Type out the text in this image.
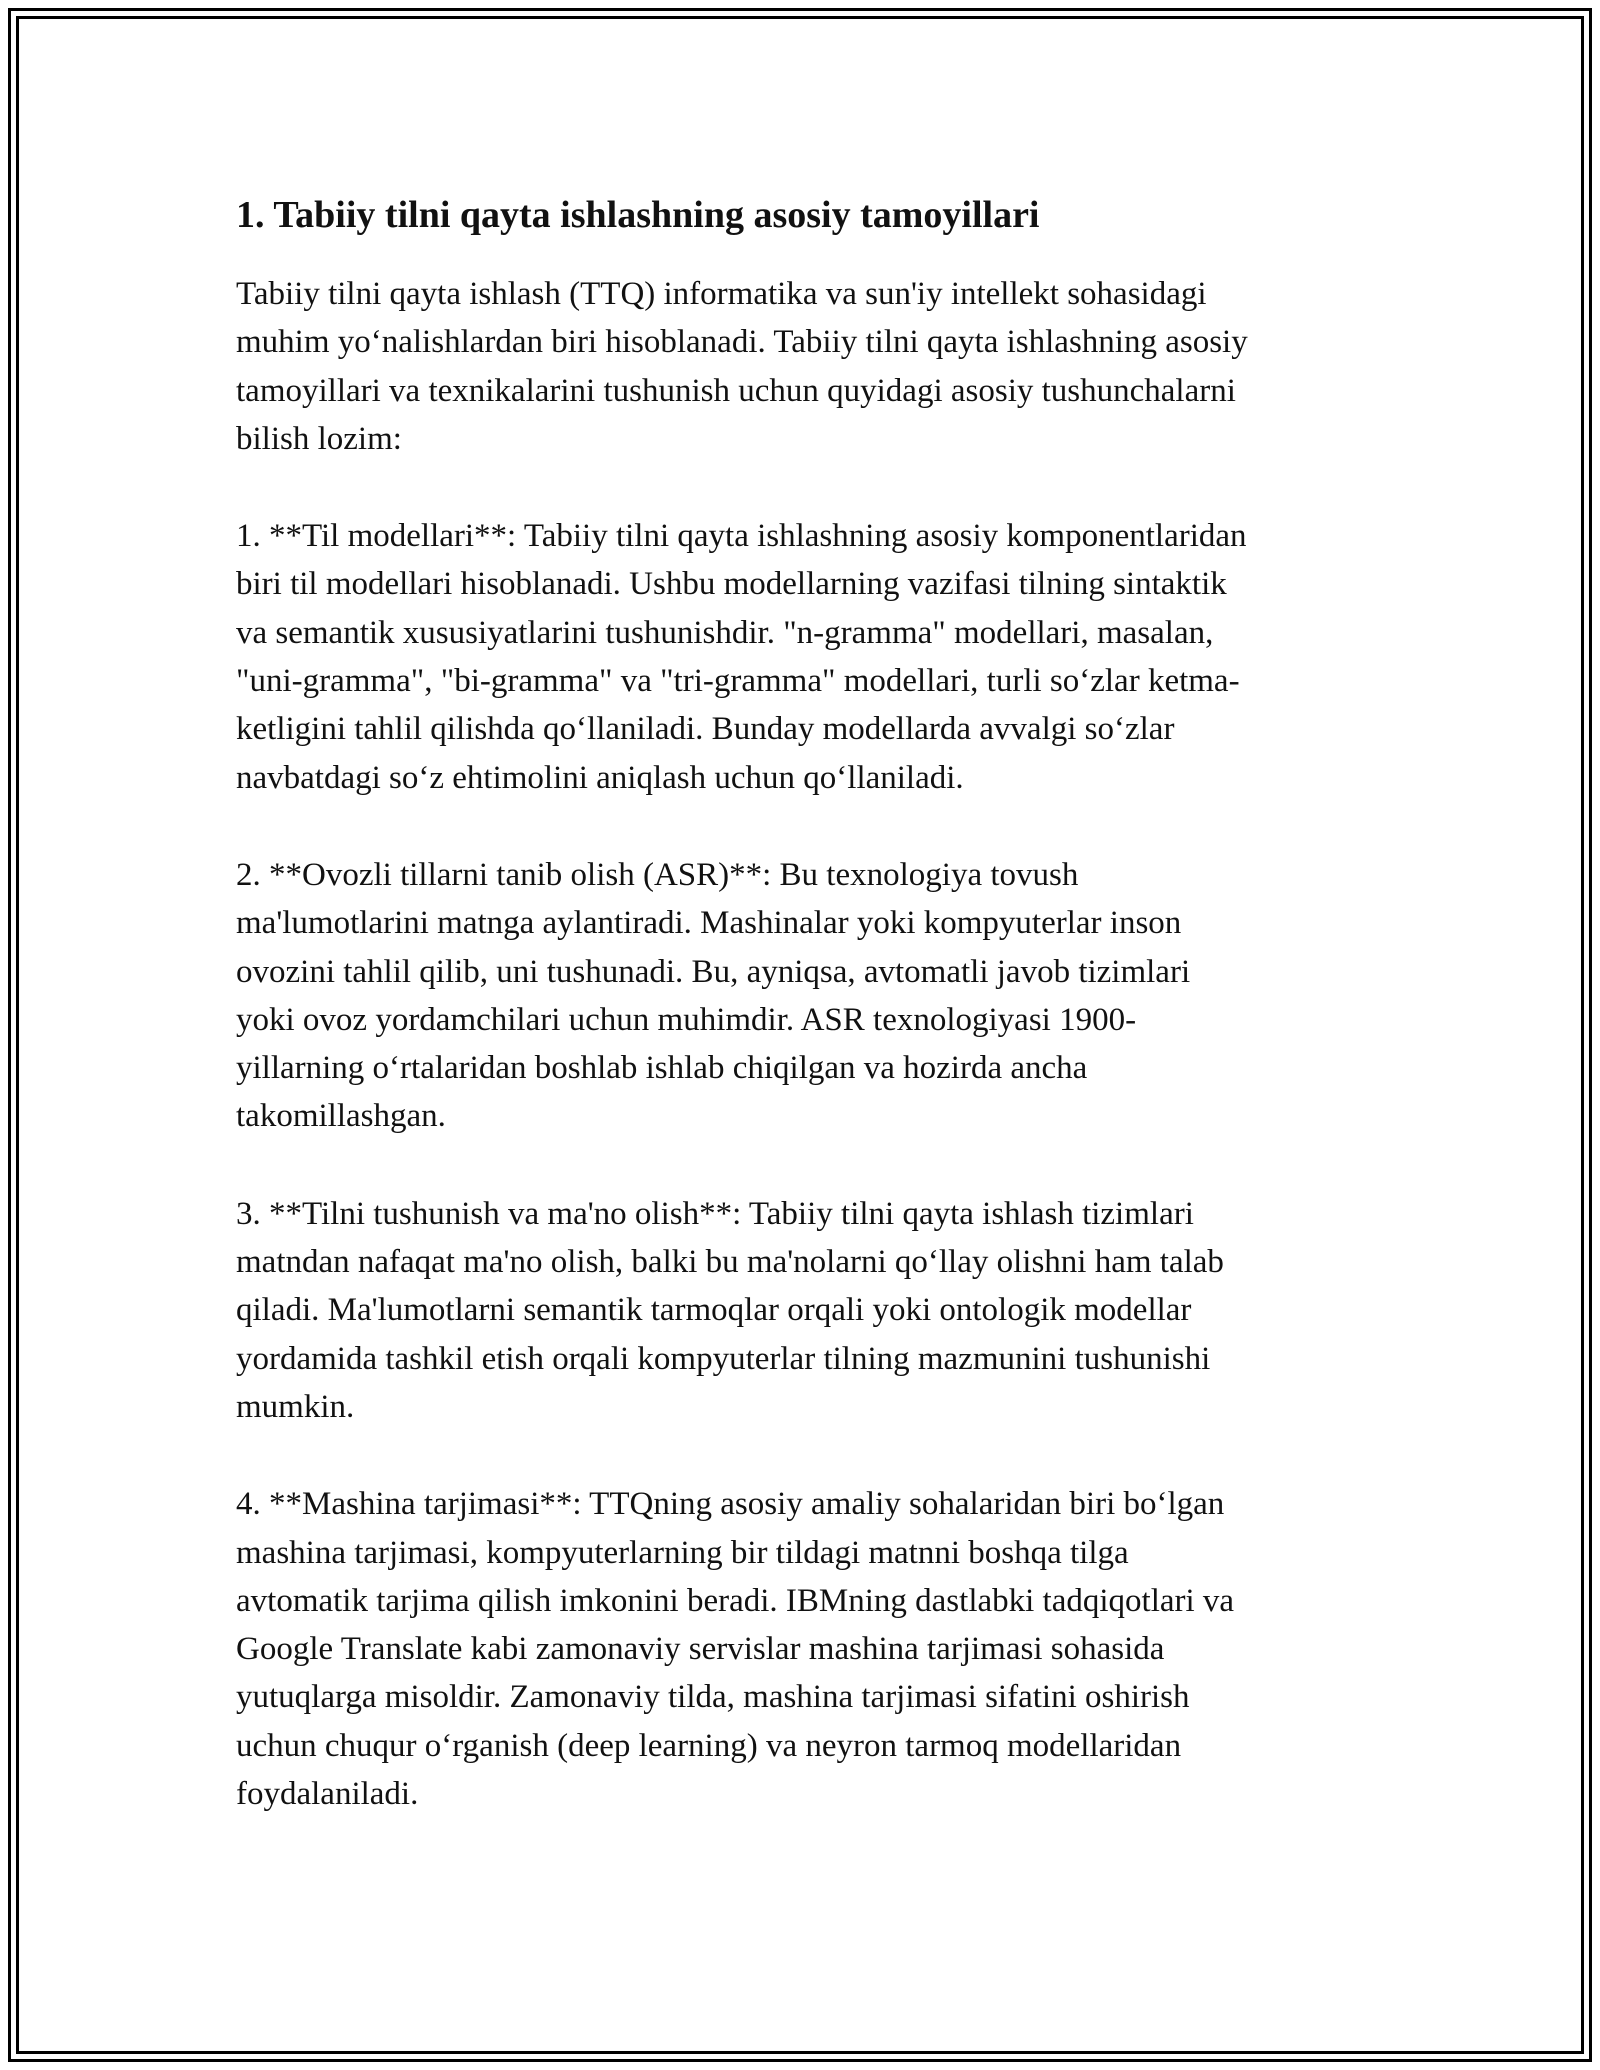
1. Tabiiy tilni qayta ishlashning asosiy tamoyillari

Tabiiy tilni qayta ishlash (TTQ) informatika va sun'iy intellekt sohasidagi
muhim yo‘nalishlardan biri hisoblanadi. Tabiiy tilni qayta ishlashning asosiy
tamoyillari va texnikalarini tushunish uchun quyidagi asosiy tushunchalarni
bilish lozim:

1. **Til modellari**: Tabiiy tilni qayta ishlashning asosiy komponentlaridan
biri til modellari hisoblanadi. Ushbu modellarning vazifasi tilning sintaktik
va semantik xususiyatlarini tushunishdir. "n-gramma" modellari, masalan,
"uni-gramma", "bi-gramma" va "tri-gramma" modellari, turli so‘zlar ketma-
ketligini tahlil qilishda qo‘llaniladi. Bunday modellarda avvalgi so‘zlar
navbatdagi so‘z ehtimolini aniqlash uchun qo‘llaniladi.

2. **Ovozli tillarni tanib olish (ASR)**: Bu texnologiya tovush
ma'lumotlarini matnga aylantiradi. Mashinalar yoki kompyuterlar inson
ovozini tahlil qilib, uni tushunadi. Bu, ayniqsa, avtomatli javob tizimlari
yoki ovoz yordamchilari uchun muhimdir. ASR texnologiyasi 1900-
yillarning o‘rtalaridan boshlab ishlab chiqilgan va hozirda ancha
takomillashgan.

3. **Tilni tushunish va ma'no olish**: Tabiiy tilni qayta ishlash tizimlari
matndan nafaqat ma'no olish, balki bu ma'nolarni qo‘llay olishni ham talab
qiladi. Ma'lumotlarni semantik tarmoqlar orqali yoki ontologik modellar
yordamida tashkil etish orqali kompyuterlar tilning mazmunini tushunishi
mumkin.

4. **Mashina tarjimasi**: TTQning asosiy amaliy sohalaridan biri bo‘lgan
mashina tarjimasi, kompyuterlarning bir tildagi matnni boshqa tilga
avtomatik tarjima qilish imkonini beradi. IBMning dastlabki tadqiqotlari va
Google Translate kabi zamonaviy servislar mashina tarjimasi sohasida
yutuqlarga misoldir. Zamonaviy tilda, mashina tarjimasi sifatini oshirish
uchun chuqur o‘rganish (deep learning) va neyron tarmoq modellaridan
foydalaniladi.
